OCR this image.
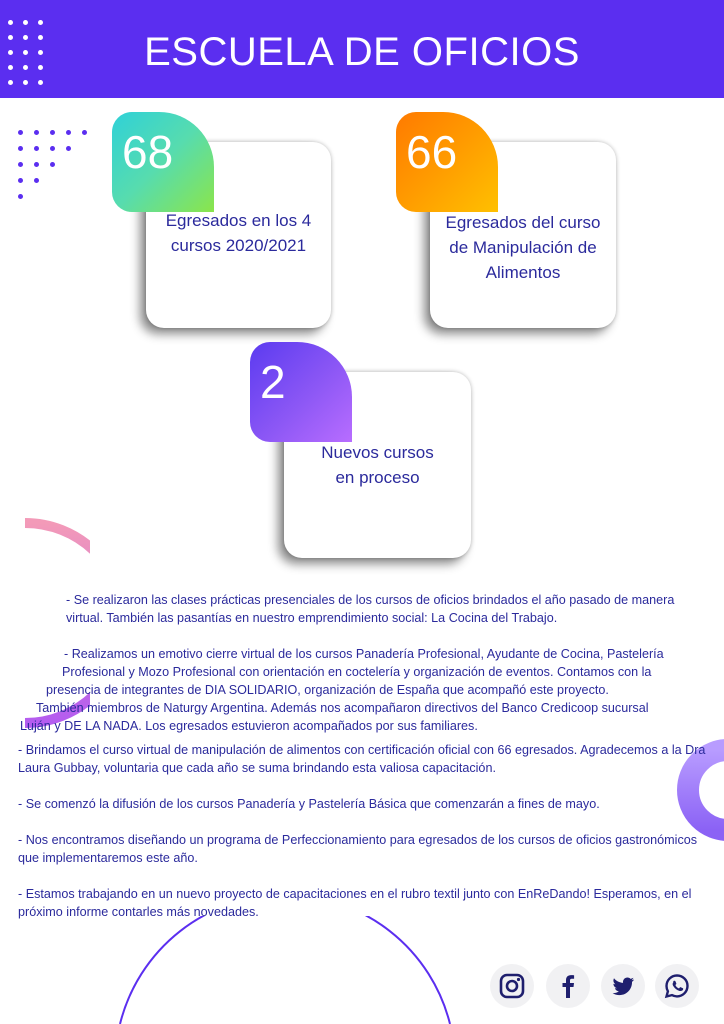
ESCUELA DE OFICIOS
68
Egresados en los 4
cursos 2020/2021
66
Egresados del curso
de Manipulación de
Alimentos
2
Nuevos cursos
en proceso
- Se realizaron las clases prácticas presenciales de los cursos de oficios brindados el año pasado de manera virtual. También las pasantías en nuestro emprendimiento social: La Cocina del Trabajo.
- Realizamos un emotivo cierre virtual de los cursos Panadería Profesional, Ayudante de Cocina, Pastelería
Profesional y Mozo Profesional con orientación en coctelería y organización de eventos. Contamos con la
presencia de integrantes de DIA SOLIDARIO, organización de España que acompañó este proyecto.
También miembros de Naturgy Argentina. Además nos acompañaron directivos del Banco Credicoop sucursal
Luján y DE LA NADA. Los egresados estuvieron acompañados por sus familiares.

- Brindamos el curso virtual de manipulación de alimentos con certificación oficial con 66 egresados. Agradecemos a la Dra Laura Gubbay, voluntaria que cada año se suma brindando esta valiosa capacitación.

- Se comenzó la difusión de los cursos Panadería y Pastelería Básica que comenzarán a fines de mayo.

- Nos encontramos diseñando un programa de Perfeccionamiento para egresados de los cursos de oficios gastronómicos que implementaremos este año.

- Estamos trabajando en un nuevo proyecto de capacitaciones en el rubro textil junto con EnReDando! Esperamos, en el próximo informe contarles más novedades.
